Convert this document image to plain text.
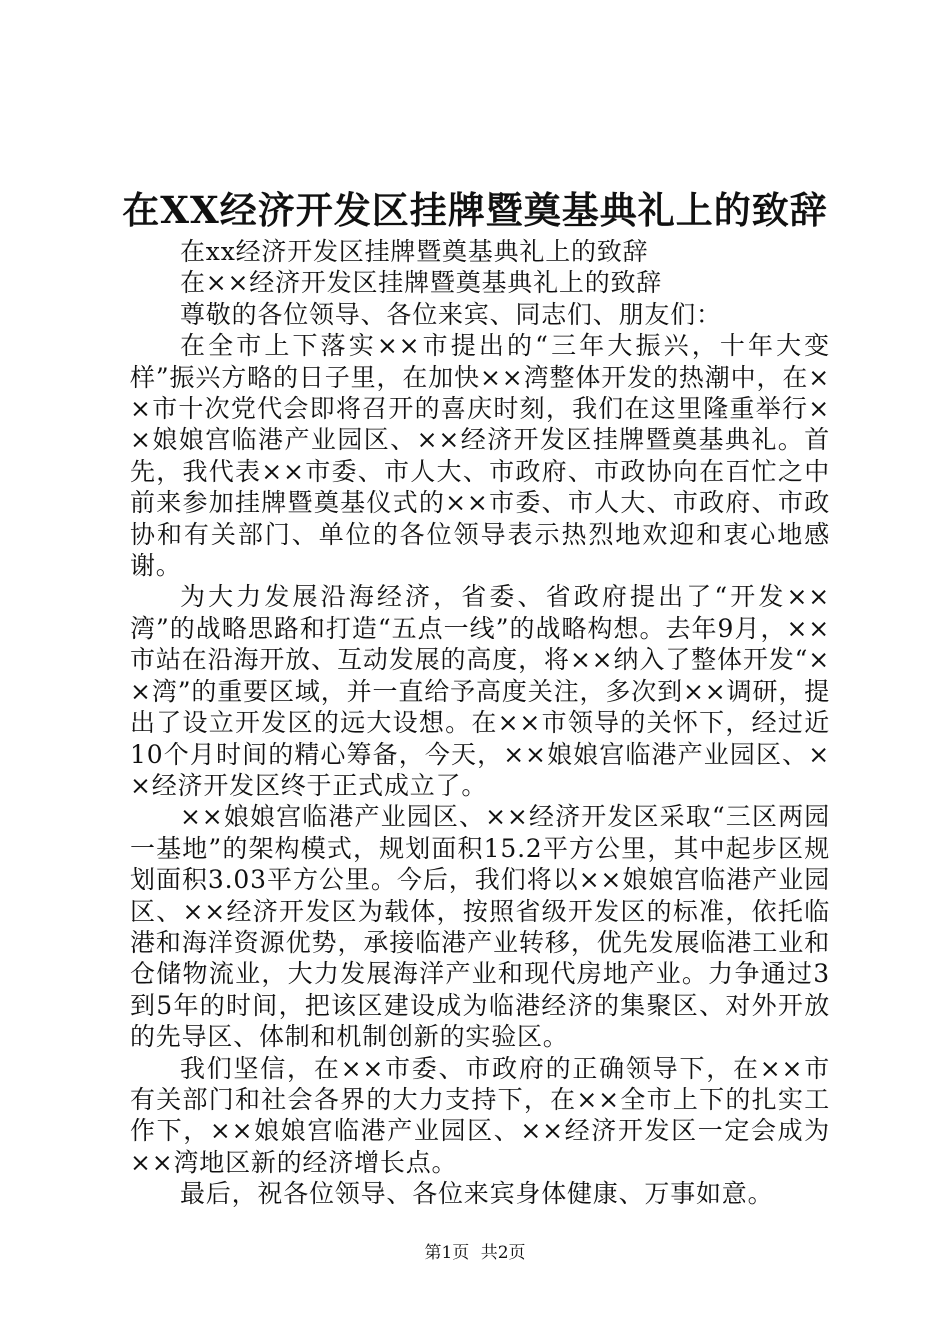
在XX经济开发区挂牌暨奠基典礼上的致辞

在xx经济开发区挂牌暨奠基典礼上的致辞

在××经济开发区挂牌暨奠基典礼上的致辞

尊敬的各位领导、各位来宾、同志们、朋友们：

在全市上下落实××市提出的“三年大振兴，十年大变样”振兴方略的日子里，在加快××湾整体开发的热潮中，在××市十次党代会即将召开的喜庆时刻，我们在这里隆重举行××娘娘宫临港产业园区、××经济开发区挂牌暨奠基典礼。首先，我代表××市委、市人大、市政府、市政协向在百忙之中前来参加挂牌暨奠基仪式的××市委、市人大、市政府、市政协和有关部门、单位的各位领导表示热烈地欢迎和衷心地感谢。

为大力发展沿海经济，省委、省政府提出了“开发××湾”的战略思路和打造“五点一线”的战略构想。去年9月，××市站在沿海开放、互动发展的高度，将××纳入了整体开发“××湾”的重要区域，并一直给予高度关注，多次到××调研，提出了设立开发区的远大设想。在××市领导的关怀下，经过近10个月时间的精心筹备，今天，××娘娘宫临港产业园区、××经济开发区终于正式成立了。

××娘娘宫临港产业园区、××经济开发区采取“三区两园一基地”的架构模式，规划面积15.2平方公里，其中起步区规划面积3.03平方公里。今后，我们将以××娘娘宫临港产业园区、××经济开发区为载体，按照省级开发区的标准，依托临港和海洋资源优势，承接临港产业转移，优先发展临港工业和仓储物流业，大力发展海洋产业和现代房地产业。力争通过3到5年的时间，把该区建设成为临港经济的集聚区、对外开放的先导区、体制和机制创新的实验区。

我们坚信，在××市委、市政府的正确领导下，在××市有关部门和社会各界的大力支持下，在××全市上下的扎实工作下，××娘娘宫临港产业园区、××经济开发区一定会成为××湾地区新的经济增长点。

最后，祝各位领导、各位来宾身体健康、万事如意。

第1页 共2页
